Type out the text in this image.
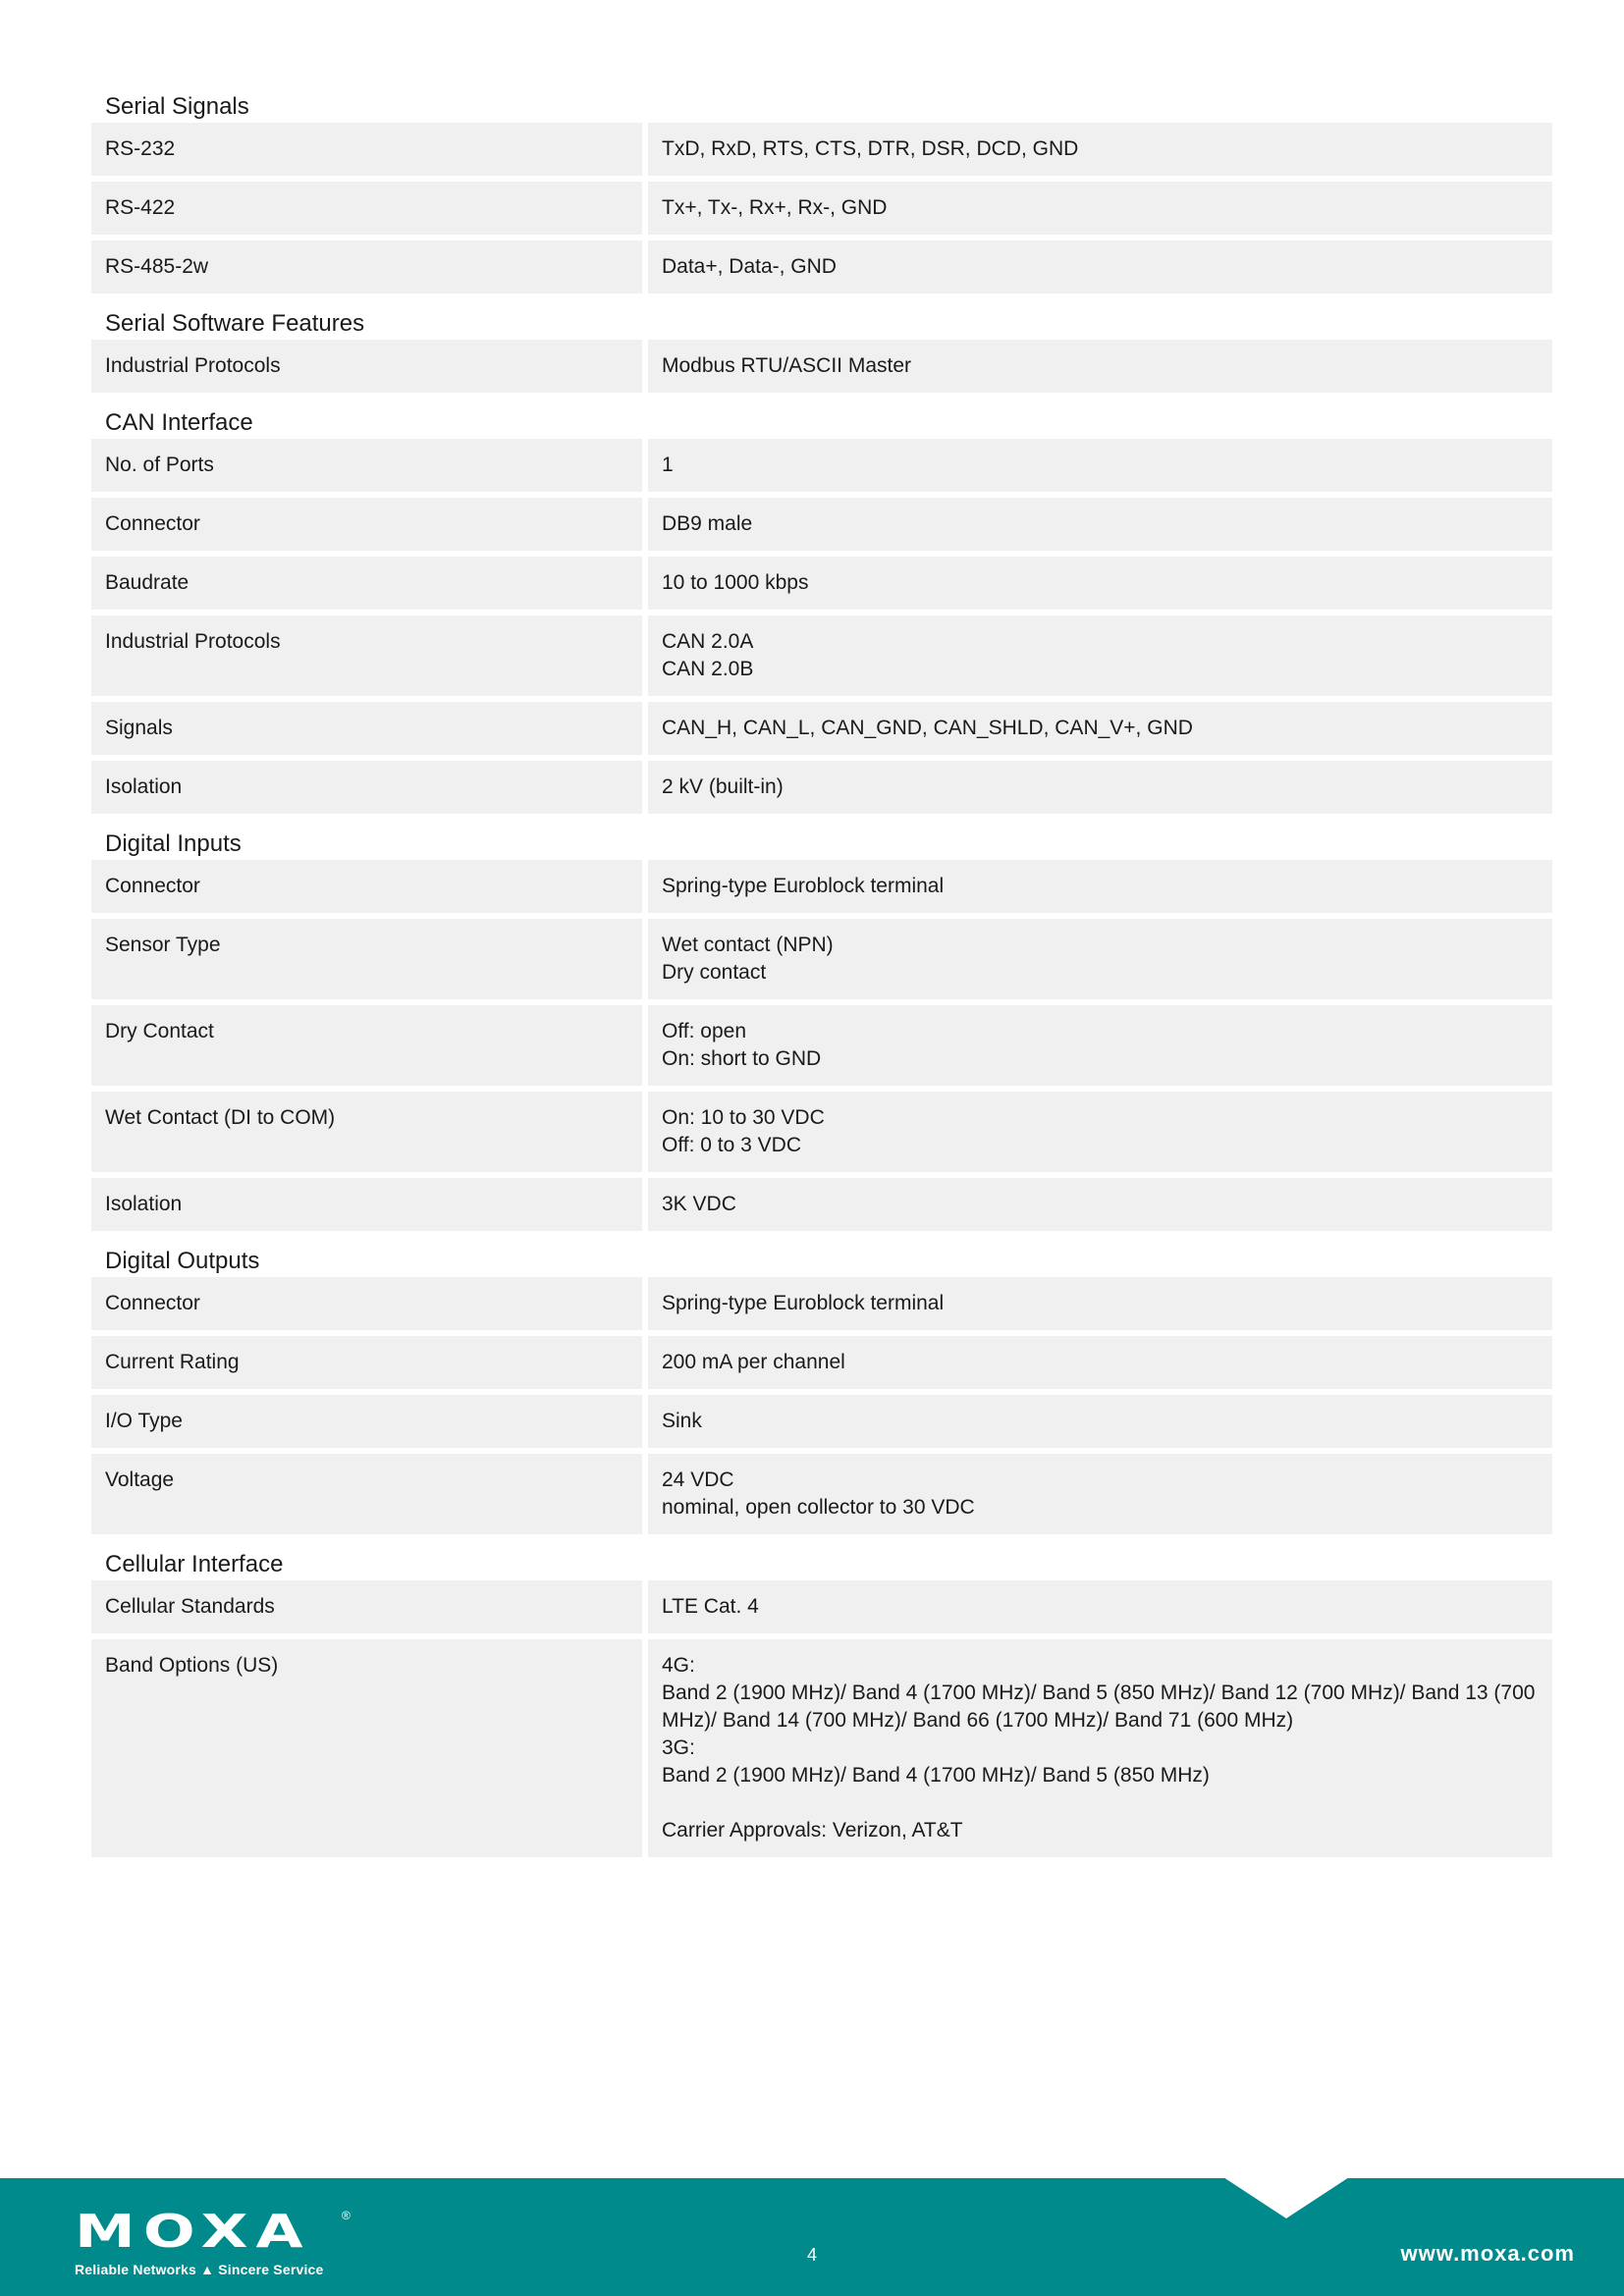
Serial Signals
RS-232	TxD, RxD, RTS, CTS, DTR, DSR, DCD, GND
RS-422	Tx+, Tx-, Rx+, Rx-, GND
RS-485-2w	Data+, Data-, GND
Serial Software Features
Industrial Protocols	Modbus RTU/ASCII Master
CAN Interface
No. of Ports	1
Connector	DB9 male
Baudrate	10 to 1000 kbps
Industrial Protocols	CAN 2.0A
CAN 2.0B
Signals	CAN_H, CAN_L, CAN_GND, CAN_SHLD, CAN_V+, GND
Isolation	2 kV (built-in)
Digital Inputs
Connector	Spring-type Euroblock terminal
Sensor Type	Wet contact (NPN)
Dry contact
Dry Contact	Off: open
On: short to GND
Wet Contact (DI to COM)	On: 10 to 30 VDC
Off: 0 to 3 VDC
Isolation	3K VDC
Digital Outputs
Connector	Spring-type Euroblock terminal
Current Rating	200 mA per channel
I/O Type	Sink
Voltage	24 VDC
nominal, open collector to 30 VDC
Cellular Interface
Cellular Standards	LTE Cat. 4
Band Options (US)	4G:
Band 2 (1900 MHz)/ Band 4 (1700 MHz)/ Band 5 (850 MHz)/ Band 12 (700 MHz)/ Band 13 (700 MHz)/ Band 14 (700 MHz)/ Band 66 (1700 MHz)/ Band 71 (600 MHz)
3G:
Band 2 (1900 MHz)/ Band 4 (1700 MHz)/ Band 5 (850 MHz)
Carrier Approvals: Verizon, AT&T
MOXA	®
Reliable Networks ▲ Sincere Service
4	www.moxa.com
